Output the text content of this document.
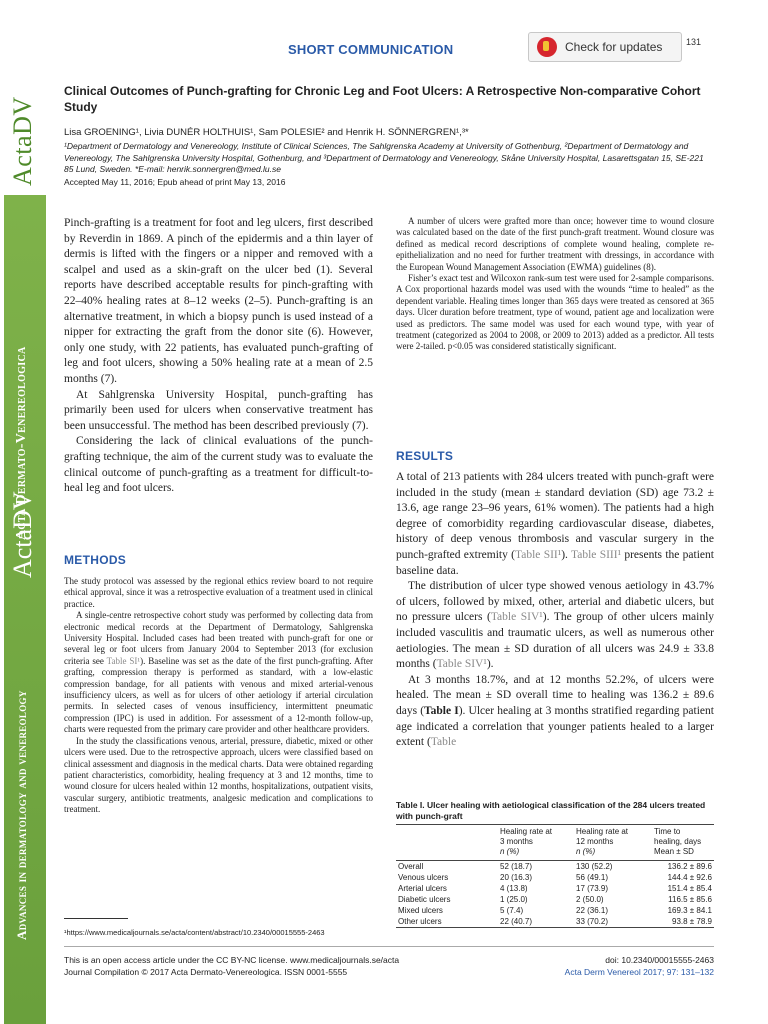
ActaDV
ActaDV
Acta Dermato-Venereologica
Advances in dermatology and venereology
SHORT COMMUNICATION	Check for updates	131
Clinical Outcomes of Punch-grafting for Chronic Leg and Foot Ulcers: A Retrospective Non-comparative Cohort Study
Lisa GROENING¹, Livia DUNÉR HOLTHUIS¹, Sam POLESIE² and Henrik H. SÖNNERGREN¹,³*
¹Department of Dermatology and Venereology, Institute of Clinical Sciences, The Sahlgrenska Academy at University of Gothenburg, ²Department of Dermatology and Venereology, The Sahlgrenska University Hospital, Gothenburg, and ³Department of Dermatology and Venereology, Skåne University Hospital, Lasarettsgatan 15, SE-221 85 Lund, Sweden. *E-mail: henrik.sonnergren@med.lu.se
Accepted May 11, 2016; Epub ahead of print May 13, 2016

Pinch-grafting is a treatment for foot and leg ulcers, first described by Reverdin in 1869. A pinch of the epidermis and a thin layer of dermis is lifted with the fingers or a nipper and removed with a scalpel and used as a skin-graft on the ulcer bed (1). Several reports have described acceptable results for pinch-grafting with 22–40% healing rates at 8–12 weeks (2–5). Punch-grafting is an alternative treatment, in which a biopsy punch is used instead of a nipper for extracting the graft from the donor site (6). However, only one study, with 22 patients, has evaluated punch-grafting of leg and foot ulcers, showing a 50% healing rate at a mean of 2.5 months (7).

At Sahlgrenska University Hospital, punch-grafting has primarily been used for ulcers when conservative treatment has been unsuccessful. The method has been described previously (7).

Considering the lack of clinical evaluations of the punch-grafting technique, the aim of the current study was to evaluate the clinical outcome of punch-grafting as a treatment for difficult-to-heal leg and foot ulcers.

METHODS

The study protocol was assessed by the regional ethics review board to not require ethical approval, since it was a retrospective evaluation of a treatment used in clinical practice.

A single-centre retrospective cohort study was performed by collecting data from electronic medical records at the Department of Dermatology, Sahlgrenska University Hospital. Included cases had been treated with punch-graft for one or several leg or foot ulcers from January 2004 to September 2013 (for exclusion criteria see Table SI¹). Baseline was set as the date of the first punch-grafting. After grafting, compression therapy is performed as standard, with a low-elastic compression bandage, for all patients with venous and mixed arterial-venous insufficiency ulcers, as well as for ulcers of other aetiology if arterial circulation permits. In selected cases of venous insufficiency, intermittent pneumatic compression (IPC) is used in addition. For assessment of a 12-month follow-up, charts were requested from the primary care provider and other healthcare providers.

In the study the classifications venous, arterial, pressure, diabetic, mixed or other ulcers were used. Due to the retrospective approach, ulcers were classified based on clinical assessment and diagnosis in the medical charts. Data were obtained regarding patient characteristics, comorbidity, healing frequency at 3 and 12 months, time to wound closure for ulcers healed within 12 months, hospitalizations, outpatient visits, vascular surgery, antibiotic treatments, analgesic medication and complications to treatment.

A number of ulcers were grafted more than once; however time to wound closure was calculated based on the date of the first punch-graft treatment. Wound closure was defined as medical record descriptions of complete wound healing, complete re-epithelialization and no need for further treatment with dressings, in accordance with the European Wound Management Association (EWMA) guidelines (8).

Fisher’s exact test and Wilcoxon rank-sum test were used for 2-sample comparisons. A Cox proportional hazards model was used with the wounds “time to healed” as the dependent variable. Healing times longer than 365 days were treated as censored at 365 days. Ulcer duration before treatment, type of wound, patient age and localization were used as predictors. The same model was used for each wound type, with year of treatment (categorized as 2004 to 2008, or 2009 to 2013) added as a predictor. All tests were 2-tailed. p<0.05 was considered statistically significant.

RESULTS

A total of 213 patients with 284 ulcers treated with punch-graft were included in the study (mean ± standard deviation (SD) age 73.2 ± 13.6, age range 23–96 years, 61% women). The patients had a high degree of comorbidity regarding cardiovascular disease, diabetes, history of deep venous thrombosis and vascular surgery in the punch-grafted extremity (Table SII¹). Table SIII¹ presents the patient baseline data.

The distribution of ulcer type showed venous aetiology in 43.7% of ulcers, followed by mixed, other, arterial and diabetic ulcers, but no pressure ulcers (Table SIV¹). The group of other ulcers mainly included vasculitis and traumatic ulcers, as well as numerous other aetiologies. The mean ± SD duration of all ulcers was 24.9 ± 33.8 months (Table SIV¹).

At 3 months 18.7%, and at 12 months 52.2%, of ulcers were healed. The mean ± SD overall time to healing was 136.2 ± 89.6 days (Table I). Ulcer healing at 3 months stratified regarding patient age indicated a correlation that younger patients healed to a larger extent (Table

Table I. Ulcer healing with aetiological classification of the 284 ulcers treated with punch-graft
	Healing rate at
3 months
n (%)	Healing rate at
12 months
n (%)	Time to
healing, days
Mean ± SD
Overall	52 (18.7)	130 (52.2)	136.2 ± 89.6
Venous ulcers	20 (16.3)	56 (49.1)	144.4 ± 92.6
Arterial ulcers	4 (13.8)	17 (73.9)	151.4 ± 85.4
Diabetic ulcers	1 (25.0)	2 (50.0)	116.5 ± 85.6
Mixed ulcers	5 (7.4)	22 (36.1)	169.3 ± 84.1
Other ulcers	22 (40.7)	33 (70.2)	93.8 ± 78.9
¹https://www.medicaljournals.se/acta/content/abstract/10.2340/00015555-2463
This is an open access article under the CC BY-NC license. www.medicaljournals.se/acta
Journal Compilation © 2017 Acta Dermato-Venereologica. ISSN 0001-5555
doi: 10.2340/00015555-2463
Acta Derm Venereol 2017; 97: 131–132
